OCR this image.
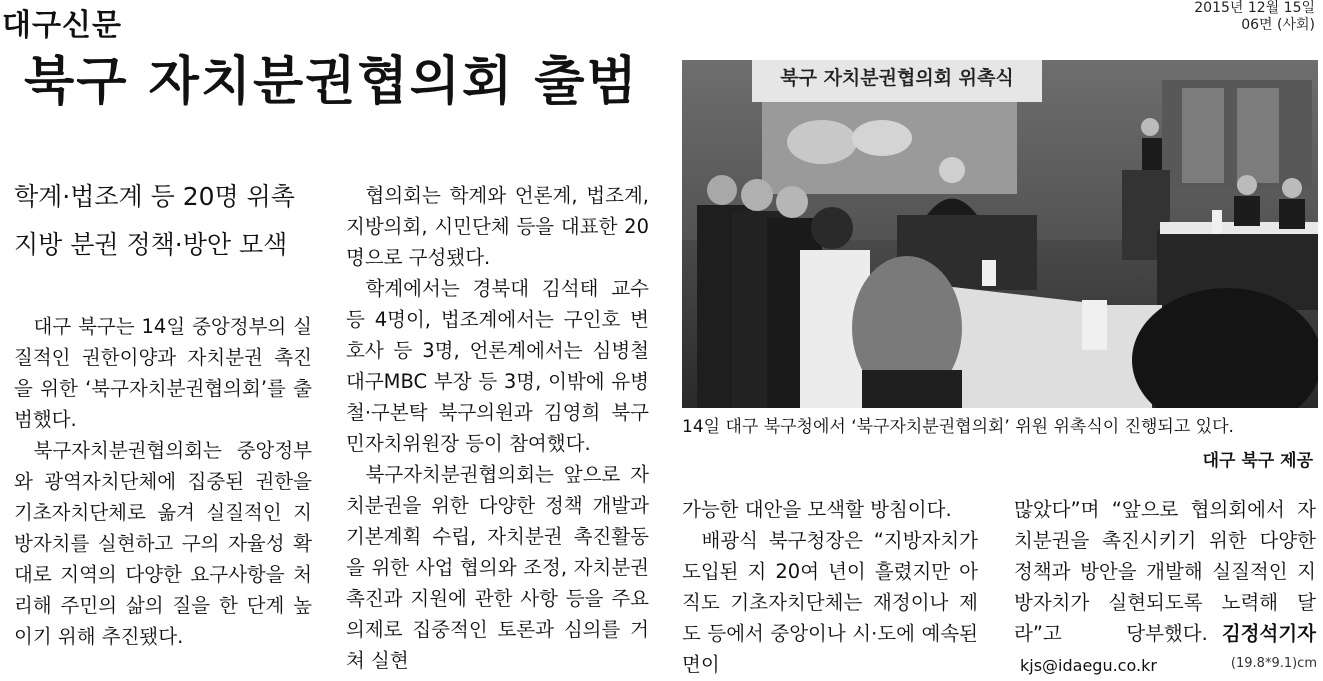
대구신문	2015년 12월 15일
06면 (사회)
북구 자치분권협의회 출범
학계·법조계 등 20명 위촉
지방 분권 정책·방안 모색

대구 북구는 14일 중앙정부의 실질적인 권한이양과 자치분권 촉진을 위한 ‘북구자치분권협의회’를 출범했다.

북구자치분권협의회는 중앙정부와 광역자치단체에 집중된 권한을 기초자치단체로 옮겨 실질적인 지방자치를 실현하고 구의 자율성 확대로 지역의 다양한 요구사항을 처리해 주민의 삶의 질을 한 단계 높이기 위해 추진됐다.

협의회는 학계와 언론계, 법조계, 지방의회, 시민단체 등을 대표한 20명으로 구성됐다.

학계에서는 경북대 김석태 교수 등 4명이, 법조계에서는 구인호 변호사 등 3명, 언론계에서는 심병철 대구MBC 부장 등 3명, 이밖에 유병철·구본탁 북구의원과 김영희 북구민자치위원장 등이 참여했다.

북구자치분권협의회는 앞으로 자치분권을 위한 다양한 정책 개발과 기본계획 수립, 자치분권 촉진활동을 위한 사업 협의와 조정, 자치분권 촉진과 지원에 관한 사항 등을 주요 의제로 집중적인 토론과 심의를 거쳐 실현

북구 자치분권협의회 위촉식
14일 대구 북구청에서 ‘북구자치분권협의회’ 위원 위촉식이 진행되고 있다.
대구 북구 제공

가능한 대안을 모색할 방침이다.

배광식 북구청장은 “지방자치가 도입된 지 20여 년이 흘렸지만 아직도 기초자치단체는 재정이나 제도 등에서 중앙이나 시·도에 예속된 면이

많았다”며 “앞으로 협의회에서 자치분권을 촉진시키기 위한 다양한 정책과 방안을 개발해 실질적인 지방자치가 실현되도록 노력해 달라”고 당부했다. 김정석기자kjs@idaegu.co.kr	(19.8*9.1)cm
